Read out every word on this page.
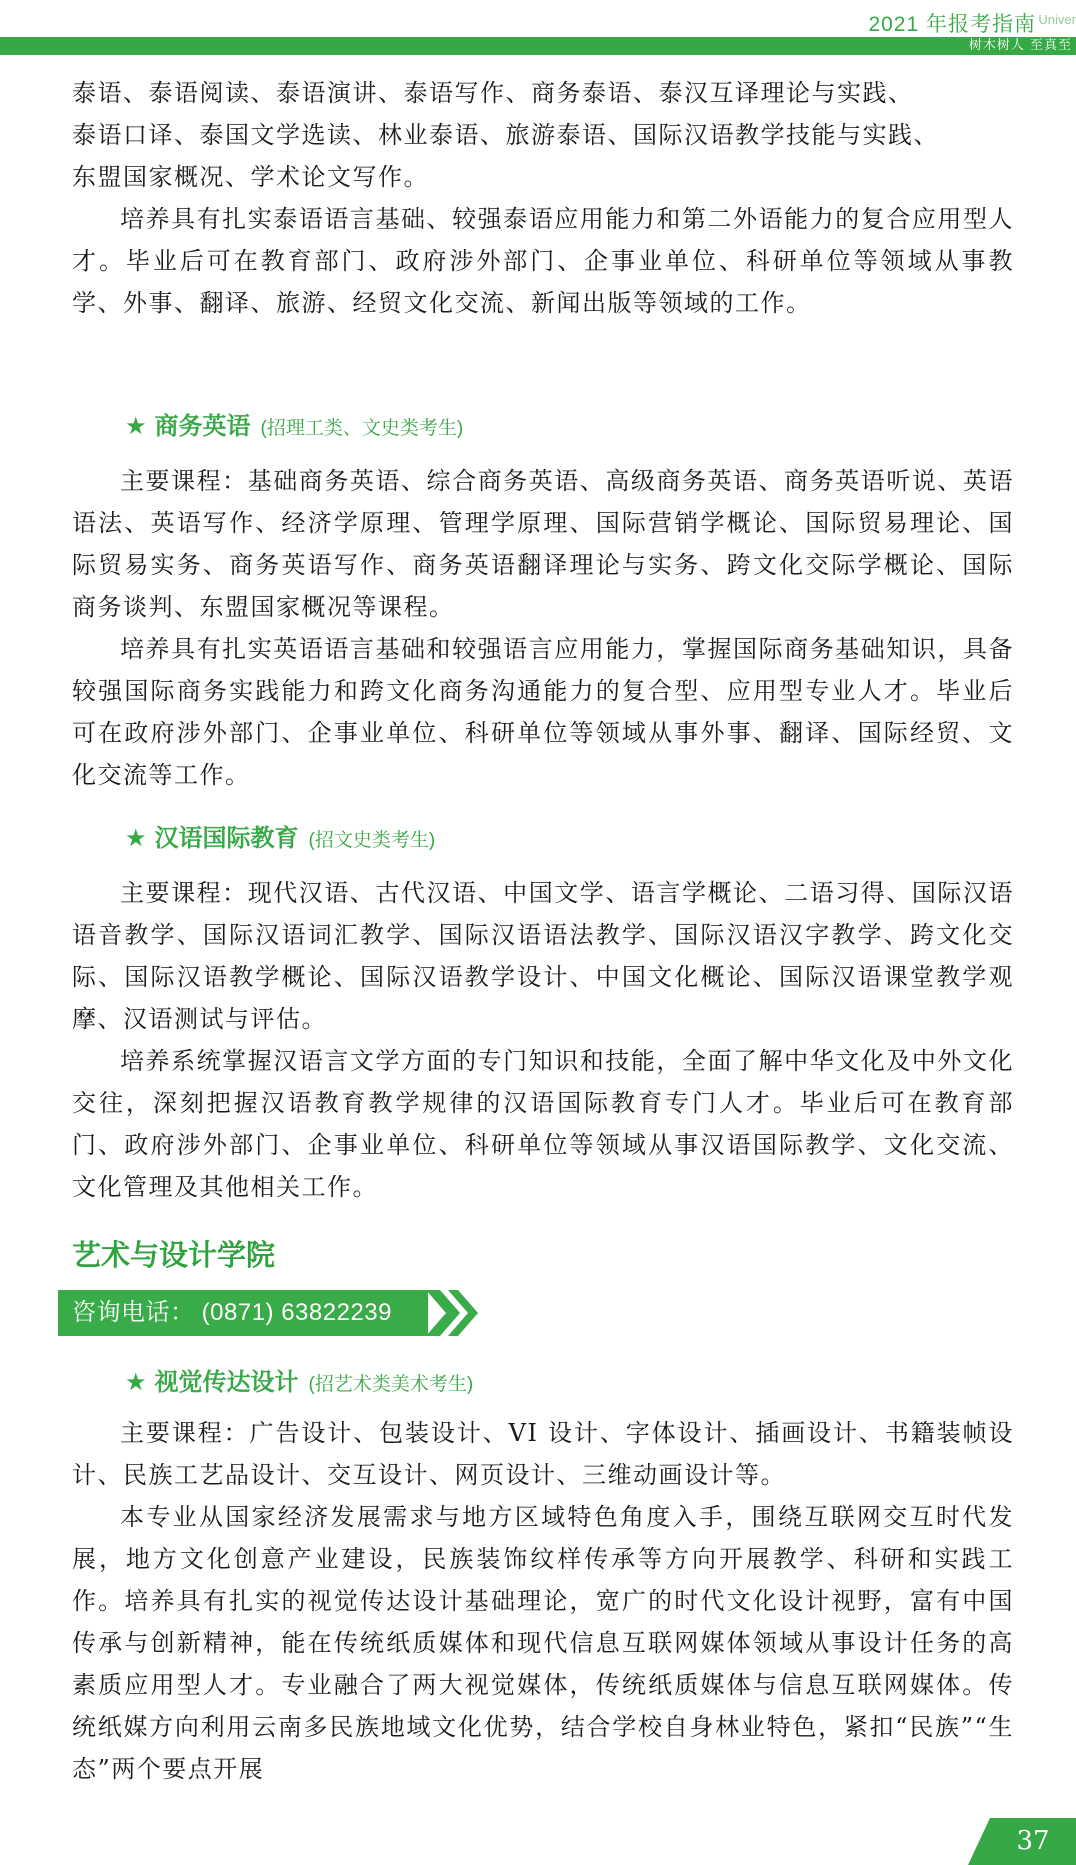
2021 年报考指南 Univer
树木树人 至真至
泰语、泰语阅读、泰语演讲、泰语写作、商务泰语、泰汉互译理论与实践、
泰语口译、泰国文学选读、林业泰语、旅游泰语、国际汉语教学技能与实践、
东盟国家概况、学术论文写作。

培养具有扎实泰语语言基础、较强泰语应用能力和第二外语能力的复合应用型人才。毕业后可在教育部门、政府涉外部门、企事业单位、科研单位等领域从事教学、外事、翻译、旅游、经贸文化交流、新闻出版等领域的工作。

★ 商务英语 (招理工类、文史类考生)

主要课程：基础商务英语、综合商务英语、高级商务英语、商务英语听说、英语语法、英语写作、经济学原理、管理学原理、国际营销学概论、国际贸易理论、国际贸易实务、商务英语写作、商务英语翻译理论与实务、跨文化交际学概论、国际商务谈判、东盟国家概况等课程。

培养具有扎实英语语言基础和较强语言应用能力，掌握国际商务基础知识，具备较强国际商务实践能力和跨文化商务沟通能力的复合型、应用型专业人才。毕业后可在政府涉外部门、企事业单位、科研单位等领域从事外事、翻译、国际经贸、文化交流等工作。

★ 汉语国际教育 (招文史类考生)

主要课程：现代汉语、古代汉语、中国文学、语言学概论、二语习得、国际汉语语音教学、国际汉语词汇教学、国际汉语语法教学、国际汉语汉字教学、跨文化交际、国际汉语教学概论、国际汉语教学设计、中国文化概论、国际汉语课堂教学观摩、汉语测试与评估。

培养系统掌握汉语言文学方面的专门知识和技能，全面了解中华文化及中外文化交往，深刻把握汉语教育教学规律的汉语国际教育专门人才。毕业后可在教育部门、政府涉外部门、企事业单位、科研单位等领域从事汉语国际教学、文化交流、文化管理及其他相关工作。

艺术与设计学院
咨询电话： (0871) 63822239
★ 视觉传达设计 (招艺术类美术考生)

主要课程：广告设计、包装设计、VI 设计、字体设计、插画设计、书籍装帧设计、民族工艺品设计、交互设计、网页设计、三维动画设计等。

本专业从国家经济发展需求与地方区域特色角度入手，围绕互联网交互时代发展，地方文化创意产业建设，民族装饰纹样传承等方向开展教学、科研和实践工作。培养具有扎实的视觉传达设计基础理论，宽广的时代文化设计视野，富有中国传承与创新精神，能在传统纸质媒体和现代信息互联网媒体领域从事设计任务的高素质应用型人才。专业融合了两大视觉媒体，传统纸质媒体与信息互联网媒体。传统纸媒方向利用云南多民族地域文化优势，结合学校自身林业特色，紧扣“民族”“生态”两个要点开展

37
